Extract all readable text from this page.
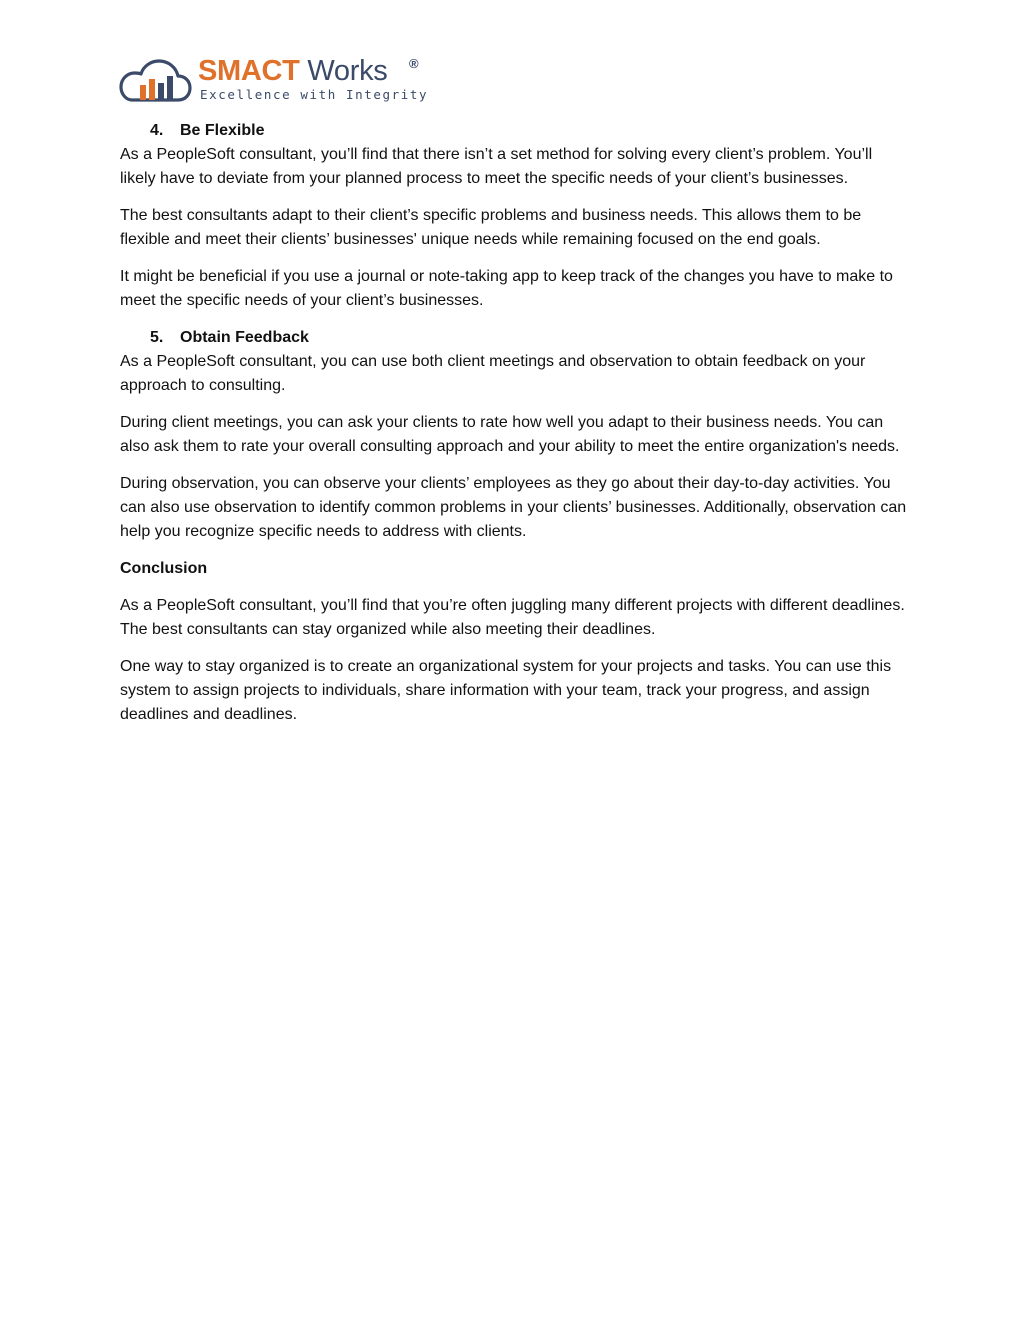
SMACT Works ®
Excellence with Integrity
4. Be Flexible

As a PeopleSoft consultant, you’ll find that there isn’t a set method for solving every client’s problem. You’ll likely have to deviate from your planned process to meet the specific needs of your client’s businesses.

The best consultants adapt to their client’s specific problems and business needs. This allows them to be flexible and meet their clients’ businesses' unique needs while remaining focused on the end goals.

It might be beneficial if you use a journal or note-taking app to keep track of the changes you have to make to meet the specific needs of your client’s businesses.

5. Obtain Feedback

As a PeopleSoft consultant, you can use both client meetings and observation to obtain feedback on your approach to consulting.

During client meetings, you can ask your clients to rate how well you adapt to their business needs. You can also ask them to rate your overall consulting approach and your ability to meet the entire organization's needs.

During observation, you can observe your clients’ employees as they go about their day-to-day activities. You can also use observation to identify common problems in your clients’ businesses. Additionally, observation can help you recognize specific needs to address with clients.

Conclusion

As a PeopleSoft consultant, you’ll find that you’re often juggling many different projects with different deadlines. The best consultants can stay organized while also meeting their deadlines.

One way to stay organized is to create an organizational system for your projects and tasks. You can use this system to assign projects to individuals, share information with your team, track your progress, and assign deadlines and deadlines.
